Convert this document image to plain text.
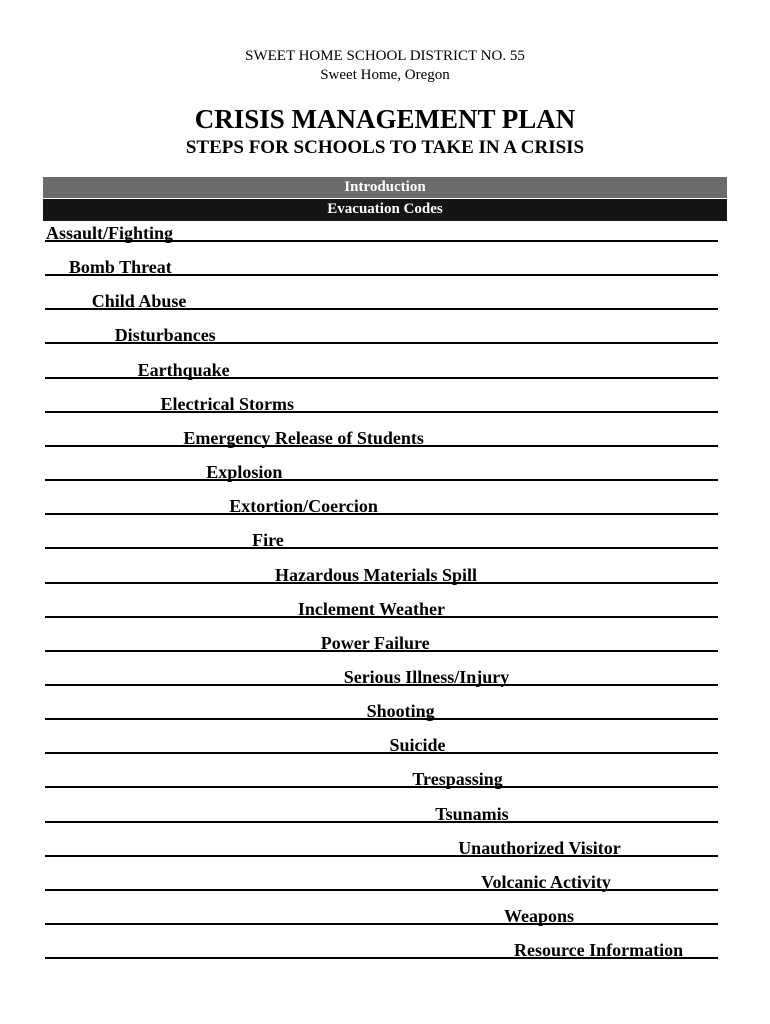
SWEET HOME SCHOOL DISTRICT NO. 55
Sweet Home, Oregon
CRISIS MANAGEMENT PLAN
STEPS FOR SCHOOLS TO TAKE IN A CRISIS
Introduction
Evacuation Codes
Assault/Fighting
Bomb Threat
Child Abuse
Disturbances
Earthquake
Electrical Storms
Emergency Release of Students
Explosion
Extortion/Coercion
Fire
Hazardous Materials Spill
Inclement Weather
Power Failure
Serious Illness/Injury
Shooting
Suicide
Trespassing
Tsunamis
Unauthorized Visitor
Volcanic Activity
Weapons
Resource Information
